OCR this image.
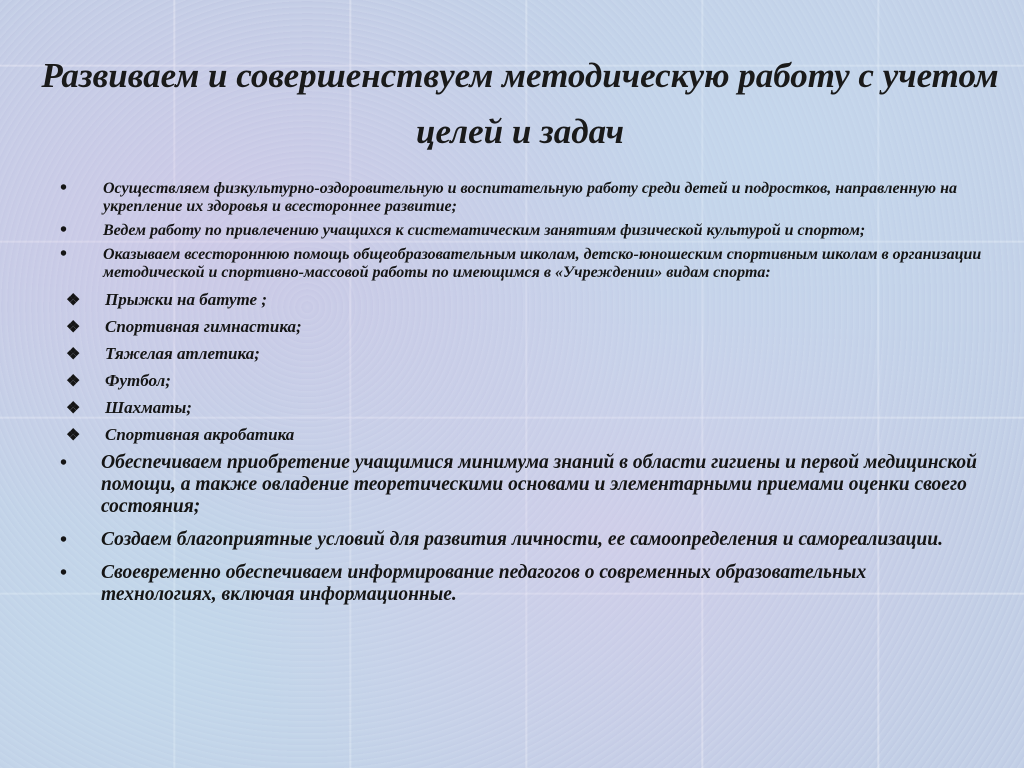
Развиваем и совершенствуем методическую работу с учетом целей и задач
• Осуществляем физкультурно-оздоровительную и воспитательную работу среди детей и подростков, направленную на укрепление их здоровья и всестороннее развитие;
• Ведем работу по привлечению учащихся к систематическим занятиям физической культурой и спортом;
• Оказываем всестороннюю помощь общеобразовательным школам, детско-юношеским спортивным школам в организации методической и спортивно-массовой работы по имеющимся в «Учреждении» видам спорта:
❖ Прыжки на батуте ;
❖ Спортивная гимнастика;
❖ Тяжелая атлетика;
❖ Футбол;
❖ Шахматы;
❖ Спортивная акробатика
• Обеспечиваем приобретение учащимися минимума знаний в области гигиены и первой медицинской помощи, а также овладение теоретическими основами и элементарными приемами оценки своего состояния;
• Создаем благоприятные условий для развития личности, ее самоопределения и самореализации.
• Своевременно обеспечиваем информирование педагогов о современных образовательных технологиях, включая информационные.
